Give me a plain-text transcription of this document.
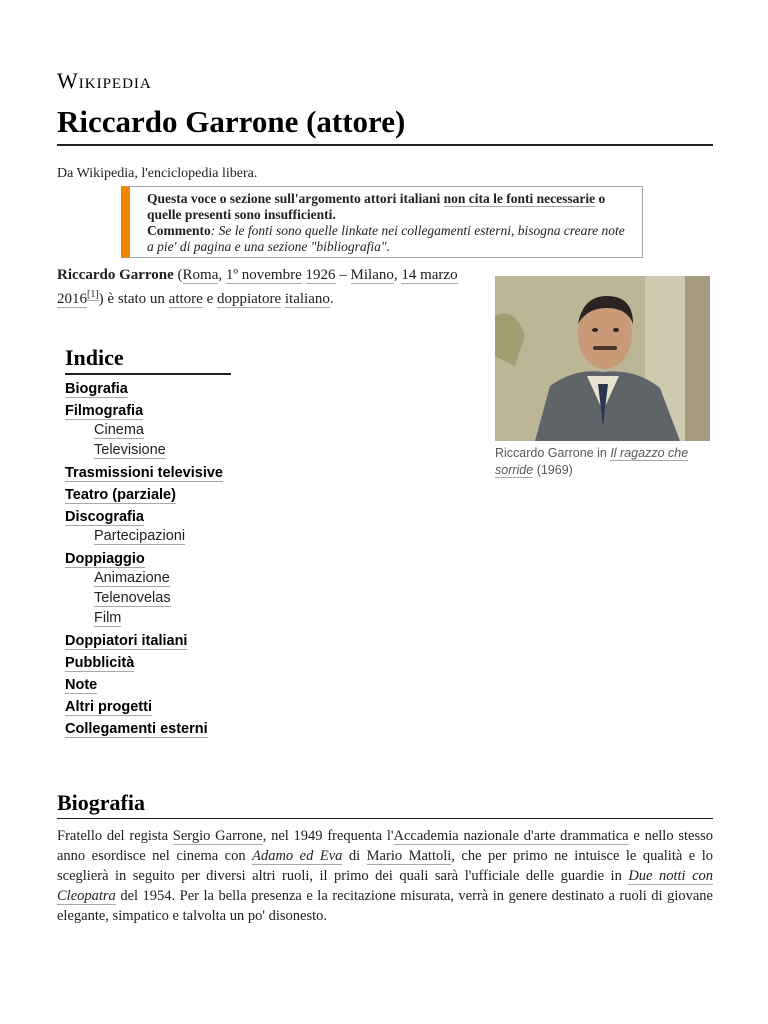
Wikipedia
Riccardo Garrone (attore)
Da Wikipedia, l'enciclopedia libera.
Questa voce o sezione sull'argomento attori italiani non cita le fonti necessarie o quelle presenti sono insufficienti.
Commento: Se le fonti sono quelle linkate nei collegamenti esterni, bisogna creare note a pie' di pagina e una sezione "bibliografia".
Riccardo Garrone (Roma, 1º novembre 1926 – Milano, 14 marzo 2016[1]) è stato un attore e doppiatore italiano.
Riccardo Garrone in Il ragazzo che sorride (1969)
Indice
Biografia
Filmografia
Cinema
Televisione
Trasmissioni televisive
Teatro (parziale)
Discografia
Partecipazioni
Doppiaggio
Animazione
Telenovelas
Film
Doppiatori italiani
Pubblicità
Note
Altri progetti
Collegamenti esterni
Biografia
Fratello del regista Sergio Garrone, nel 1949 frequenta l'Accademia nazionale d'arte drammatica e nello stesso anno esordisce nel cinema con Adamo ed Eva di Mario Mattoli, che per primo ne intuisce le qualità e lo sceglierà in seguito per diversi altri ruoli, il primo dei quali sarà l'ufficiale delle guardie in Due notti con Cleopatra del 1954. Per la bella presenza e la recitazione misurata, verrà in genere destinato a ruoli di giovane elegante, simpatico e talvolta un po' disonesto.
